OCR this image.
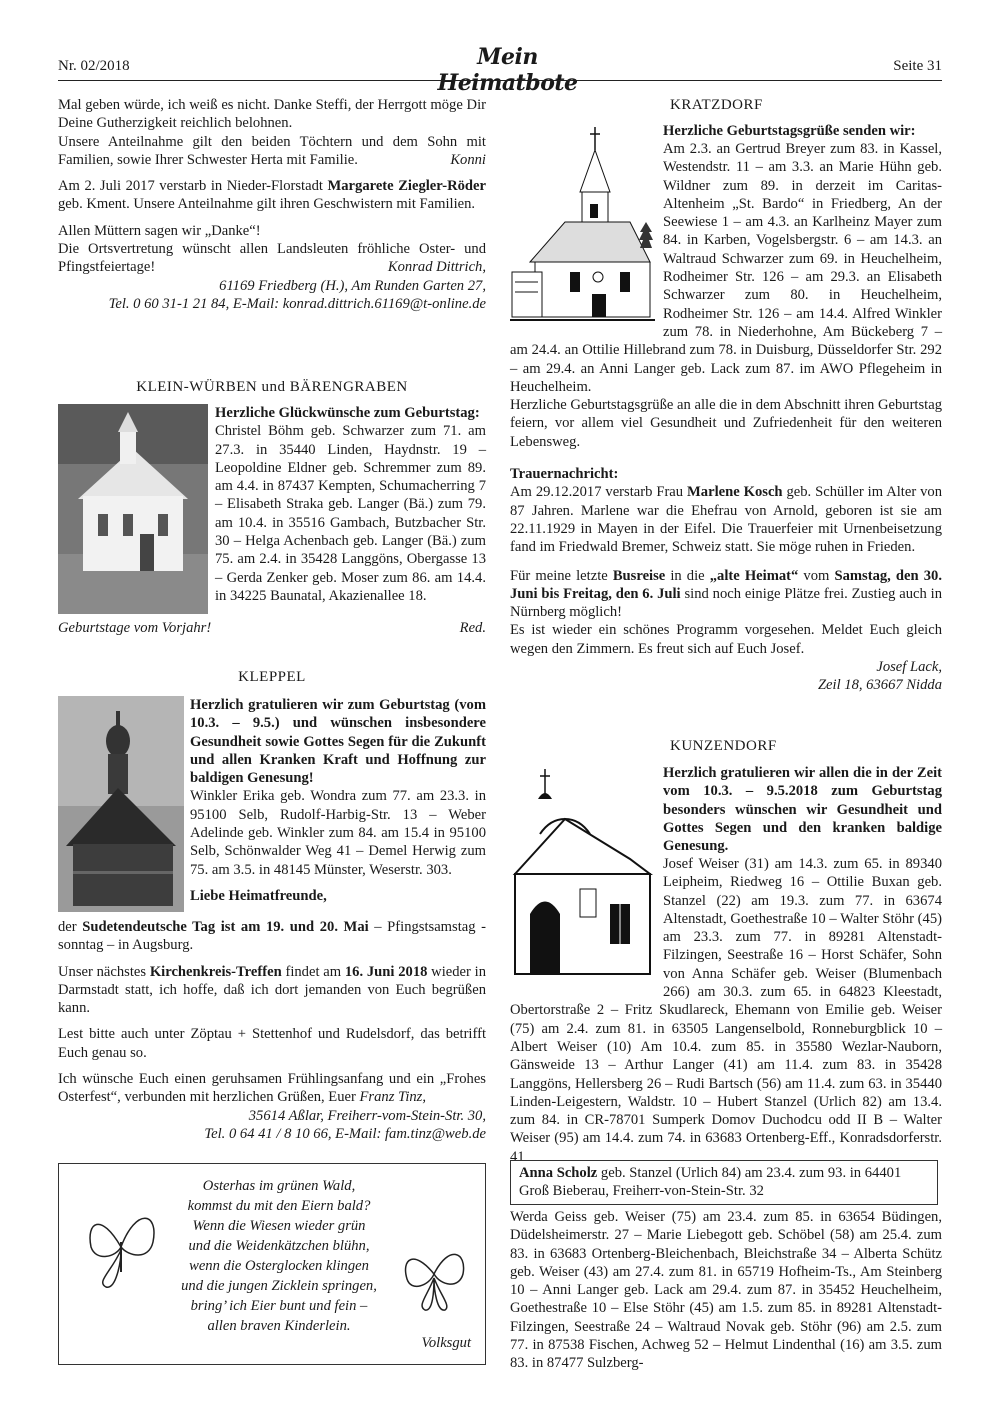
Nr. 02/2018	Mein Heimatbote
Seite 31

Mal geben würde, ich weiß es nicht. Danke Steffi, der Herrgott möge Dir Deine Gutherzigkeit reichlich belohnen.

Unsere Anteilnahme gilt den beiden Töchtern und dem Sohn mit Familien, sowie Ihrer Schwester Herta mit Familie.	Konni

Am 2. Juli 2017 verstarb in Nieder-Florstadt Margarete Ziegler-Röder geb. Kment. Unsere Anteilnahme gilt ihren Geschwistern mit Familien.

Allen Müttern sagen wir „Danke“!

Die Ortsvertretung wünscht allen Landsleuten fröhliche Oster- und Pfingstfeiertage!	Konrad Dittrich,

61169 Friedberg (H.), Am Runden Garten 27,

Tel. 0 60 31-1 21 84, E-Mail: konrad.dittrich.61169@t-online.de

KLEIN-WÜRBEN und BÄRENGRABEN

Herzliche Glückwünsche zum Geburtstag:

Christel Böhm geb. Schwarzer zum 71. am 27.3. in 35440 Linden, Haydnstr. 19 – Leopoldine Eldner geb. Schremmer zum 89. am 4.4. in 87437 Kempten, Schumacherring 7 – Elisabeth Straka geb. Langer (Bä.) zum 79. am 10.4. in 35516 Gambach, Butzbacher Str. 30 – Helga Achenbach geb. Langer (Bä.) zum 75. am 2.4. in 35428 Langgöns, Obergasse 13 – Gerda Zenker geb. Moser zum 86. am 14.4. in 34225 Baunatal, Akazienallee 18.

Geburtstage vom Vorjahr!	Red.
KLEPPEL

Herzlich gratulieren wir zum Geburtstag (vom 10.3. – 9.5.) und wünschen insbesondere Gesundheit sowie Gottes Segen für die Zukunft und allen Kranken Kraft und Hoffnung zur baldigen Genesung!

Winkler Erika geb. Wondra zum 77. am 23.3. in 95100 Selb, Rudolf-Harbig-Str. 13 – Weber Adelinde geb. Winkler zum 84. am 15.4 in 95100 Selb, Schönwalder Weg 41 – Demel Herwig zum 75. am 3.5. in 48145 Münster, Weserstr. 303.

Liebe Heimatfreunde,

der Sudetendeutsche Tag ist am 19. und 20. Mai – Pfingstsamstag -sonntag – in Augsburg.

Unser nächstes Kirchenkreis-Treffen findet am 16. Juni 2018 wieder in Darmstadt statt, ich hoffe, daß ich dort jemanden von Euch begrüßen kann.

Lest bitte auch unter Zöptau + Stettenhof und Rudelsdorf, das betrifft Euch genau so.

Ich wünsche Euch einen geruhsamen Frühlingsanfang und ein „Frohes Osterfest“, verbunden mit herzlichen Grüßen, Euer Franz Tinz,

35614 Aßlar, Freiherr-vom-Stein-Str. 30,

Tel. 0 64 41 / 8 10 66, E-Mail: fam.tinz@web.de

Osterhas im grünen Wald,
kommst du mit den Eiern bald?
Wenn die Wiesen wieder grün
und die Weidenkätzchen blühn,
wenn die Osterglocken klingen
und die jungen Zicklein springen,
bring’ ich Eier bunt und fein –
allen braven Kinderlein.
Volksgut
KRATZDORF

Herzliche Geburtstagsgrüße senden wir:

Am 2.3. an Gertrud Breyer zum 83. in Kassel, Westendstr. 11 – am 3.3. an Marie Hühn geb. Wildner zum 89. in derzeit im Caritas-Altenheim „St. Bardo“ in Friedberg, An der Seewiese 1 – am 4.3. an Karlheinz Mayer zum 84. in Karben, Vogelsbergstr. 6 – am 14.3. an Waltraud Schwarzer zum 69. in Heuchelheim, Rodheimer Str. 126 – am 29.3. an Elisabeth Schwarzer zum 80. in Heuchelheim, Rodheimer Str. 126 – am 14.4. Alfred Winkler zum 78. in Niederhohne, Am Bückeberg 7 – am 24.4. an Ottilie Hillebrand zum 78. in Duisburg, Düsseldorfer Str. 292 – am 29.4. an Anni Langer geb. Lack zum 87. im AWO Pflegeheim in Heuchelheim.

Herzliche Geburtstagsgrüße an alle die in dem Abschnitt ihren Geburtstag feiern, vor allem viel Gesundheit und Zufriedenheit für den weiteren Lebensweg.

Trauernachricht:

Am 29.12.2017 verstarb Frau Marlene Kosch geb. Schüller im Alter von 87 Jahren. Marlene war die Ehefrau von Arnold, geboren ist sie am 22.11.1929 in Mayen in der Eifel. Die Trauerfeier mit Urnenbeisetzung fand im Friedwald Bremer, Schweiz statt. Sie möge ruhen in Frieden.

Für meine letzte Busreise in die „alte Heimat“ vom Samstag, den 30. Juni bis Freitag, den 6. Juli sind noch einige Plätze frei. Zustieg auch in Nürnberg möglich!

Es ist wieder ein schönes Programm vorgesehen. Meldet Euch gleich wegen den Zimmern. Es freut sich auf Euch Josef.

Josef Lack,

Zeil 18, 63667 Nidda

KUNZENDORF

Herzlich gratulieren wir allen die in der Zeit vom 10.3. – 9.5.2018 zum Geburtstag besonders wünschen wir Gesundheit und Gottes Segen und den kranken baldige Genesung.

Josef Weiser (31) am 14.3. zum 65. in 89340 Leipheim, Riedweg 16 – Ottilie Buxan geb. Stanzel (22) am 19.3. zum 77. in 63674 Altenstadt, Goethestraße 10 – Walter Stöhr (45) am 23.3. zum 77. in 89281 Altenstadt-Filzingen, Seestraße 16 – Horst Schäfer, Sohn von Anna Schäfer geb. Weiser (Blumenbach 266) am 30.3. zum 65. in 64823 Kleestadt, Obertorstraße 2 – Fritz Skudlareck, Ehemann von Emilie geb. Weiser (75) am 2.4. zum 81. in 63505 Langenselbold, Ronneburgblick 10 – Albert Weiser (10) Am 10.4. zum 85. in 35580 Wezlar-Nauborn, Gänsweide 13 – Arthur Langer (41) am 11.4. zum 83. in 35428 Langgöns, Hellersberg 26 – Rudi Bartsch (56) am 11.4. zum 63. in 35440 Linden-Leigestern, Waldstr. 10 – Hubert Stanzel (Urlich 82) am 13.4. zum 84. in CR-78701 Sumperk Domov Duchodcu odd II B – Walter Weiser (95) am 14.4. zum 74. in 63683 Ortenberg-Eff., Konradsdorferstr. 41

Anna Scholz geb. Stanzel (Urlich 84) am 23.4. zum 93. in 64401 Groß Bieberau, Freiherr-von-Stein-Str. 32

Werda Geiss geb. Weiser (75) am 23.4. zum 85. in 63654 Büdingen, Düdelsheimerstr. 27 – Marie Liebegott geb. Schöbel (58) am 25.4. zum 83. in 63683 Ortenberg-Bleichenbach, Bleichstraße 34 – Alberta Schütz geb. Weiser (43) am 27.4. zum 81. in 65719 Hofheim-Ts., Am Steinberg 10 – Anni Langer geb. Lack am 29.4. zum 87. in 35452 Heuchelheim, Goethestraße 10 – Else Stöhr (45) am 1.5. zum 85. in 89281 Altenstadt-Filzingen, Seestraße 24 – Waltraud Novak geb. Stöhr (96) am 2.5. zum 77. in 87538 Fischen, Achweg 52 – Helmut Lindenthal (16) am 3.5. zum 83. in 87477 Sulzberg-
